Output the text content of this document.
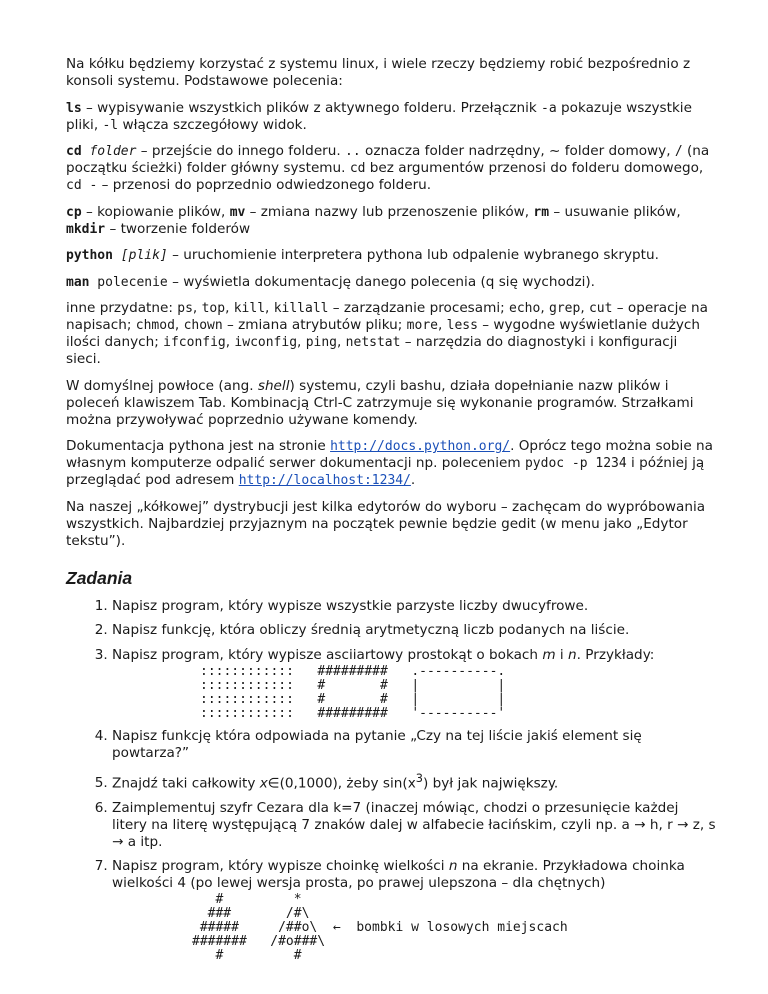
Na kółku będziemy korzystać z systemu linux, i wiele rzeczy będziemy robić bezpośrednio z konsoli systemu. Podstawowe polecenia:

ls – wypisywanie wszystkich plików z aktywnego folderu. Przełącznik -a pokazuje wszystkie pliki, -l włącza szczegółowy widok.

cd folder – przejście do innego folderu. .. oznacza folder nadrzędny, ~ folder domowy, / (na początku ścieżki) folder główny systemu. cd bez argumentów przenosi do folderu domowego, cd - – przenosi do poprzednio odwiedzonego folderu.

cp – kopiowanie plików, mv – zmiana nazwy lub przenoszenie plików, rm – usuwanie plików, mkdir – tworzenie folderów

python [plik] – uruchomienie interpretera pythona lub odpalenie wybranego skryptu.

man polecenie – wyświetla dokumentację danego polecenia (q się wychodzi).

inne przydatne: ps, top, kill, killall – zarządzanie procesami; echo, grep, cut – operacje na napisach; chmod, chown – zmiana atrybutów pliku; more, less – wygodne wyświetlanie dużych ilości danych; ifconfig, iwconfig, ping, netstat – narzędzia do diagnostyki i konfiguracji sieci.

W domyślnej powłoce (ang. shell) systemu, czyli bashu, działa dopełnianie nazw plików i poleceń klawiszem Tab. Kombinacją Ctrl-C zatrzymuje się wykonanie programów. Strzałkami można przywoływać poprzednio używane komendy.

Dokumentacja pythona jest na stronie http://docs.python.org/. Oprócz tego można sobie na własnym komputerze odpalić serwer dokumentacji np. poleceniem pydoc -p 1234 i później ją przeglądać pod adresem http://localhost:1234/.

Na naszej „kółkowej” dystrybucji jest kilka edytorów do wyboru – zachęcam do wypróbowania wszystkich. Najbardziej przyjaznym na początek pewnie będzie gedit (w menu jako „Edytor tekstu”).

Zadania
1. Napisz program, który wypisze wszystkie parzyste liczby dwucyfrowe.
2. Napisz funkcję, która obliczy średnią arytmetyczną liczb podanych na liście.
3. Napisz program, który wypisze asciiartowy prostokąt o bokach m i n. Przykłady:
::::::::::::   #########   .----------.
::::::::::::   #       #   |          |
::::::::::::   #       #   |          |
::::::::::::   #########   '----------'
4. Napisz funkcję która odpowiada na pytanie „Czy na tej liście jakiś element się powtarza?”
5. Znajdź taki całkowity x∈(0,1000), żeby $\sin(x^3)$ był jak największy.
6. Zaimplementuj szyfr Cezara dla k=7 (inaczej mówiąc, chodzi o przesunięcie każdej litery na literę występującą 7 znaków dalej w alfabecie łacińskim, czyli np. a → h, r → z, s → a itp.
7. Napisz program, który wypisze choinkę wielkości n na ekranie. Przykładowa choinka wielkości 4 (po lewej wersja prosta, po prawej ulepszona – dla chętnych)
#         *
###       /#\
#####     /##o\  ←  bombki w losowych miejscach
#######   /#o###\
#         #
